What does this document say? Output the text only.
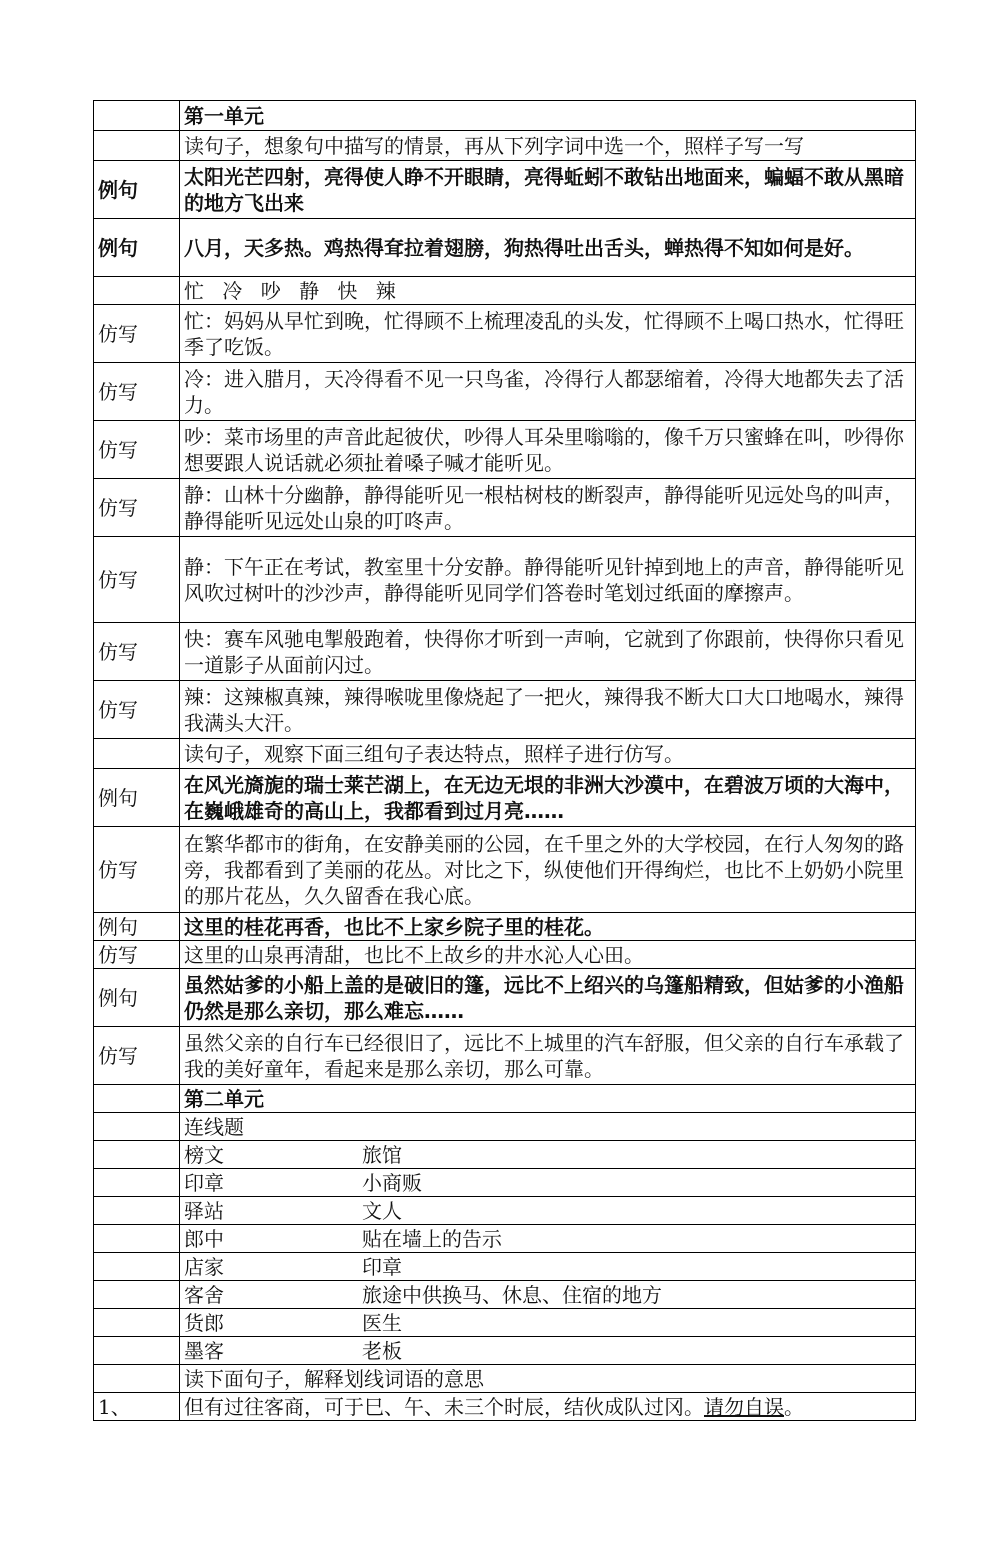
	第一单元
	读句子，想象句中描写的情景，再从下列字词中选一个，照样子写一写
例句	太阳光芒四射，亮得使人睁不开眼睛，亮得蚯蚓不敢钻出地面来，蝙蝠不敢从黑暗的地方飞出来
例句	八月，天多热。鸡热得耷拉着翅膀，狗热得吐出舌头，蝉热得不知如何是好。
	忙 冷 吵 静 快 辣
仿写	忙：妈妈从早忙到晚，忙得顾不上梳理凌乱的头发，忙得顾不上喝口热水，忙得旺季了吃饭。
仿写	冷：进入腊月，天冷得看不见一只鸟雀，冷得行人都瑟缩着，冷得大地都失去了活力。
仿写	吵：菜市场里的声音此起彼伏，吵得人耳朵里嗡嗡的，像千万只蜜蜂在叫，吵得你想要跟人说话就必须扯着嗓子喊才能听见。
仿写	静：山林十分幽静，静得能听见一根枯树枝的断裂声，静得能听见远处鸟的叫声，静得能听见远处山泉的叮咚声。
仿写	静：下午正在考试，教室里十分安静。静得能听见针掉到地上的声音，静得能听见风吹过树叶的沙沙声，静得能听见同学们答卷时笔划过纸面的摩擦声。
仿写	快：赛车风驰电掣般跑着，快得你才听到一声响，它就到了你跟前，快得你只看见一道影子从面前闪过。
仿写	辣：这辣椒真辣，辣得喉咙里像烧起了一把火，辣得我不断大口大口地喝水，辣得我满头大汗。
	读句子，观察下面三组句子表达特点，照样子进行仿写。
例句	在风光旖旎的瑞士莱芒湖上，在无边无垠的非洲大沙漠中，在碧波万顷的大海中，在巍峨雄奇的高山上，我都看到过月亮……
仿写	在繁华都市的街角，在安静美丽的公园，在千里之外的大学校园，在行人匆匆的路旁，我都看到了美丽的花丛。对比之下，纵使他们开得绚烂，也比不上奶奶小院里的那片花丛，久久留香在我心底。
例句	这里的桂花再香，也比不上家乡院子里的桂花。
仿写	这里的山泉再清甜，也比不上故乡的井水沁人心田。
例句	虽然姑爹的小船上盖的是破旧的篷，远比不上绍兴的乌篷船精致，但姑爹的小渔船仍然是那么亲切，那么难忘……
仿写	虽然父亲的自行车已经很旧了，远比不上城里的汽车舒服，但父亲的自行车承载了我的美好童年，看起来是那么亲切，那么可靠。
	第二单元
	连线题

	榜文 旅馆

	印章 小商贩

	驿站 文人

	郎中 贴在墙上的告示

	店家 印章

	客舍 旅途中供换马、休息、住宿的地方

	货郎 医生

	墨客 老板

	读下面句子，解释划线词语的意思
1、	但有过往客商，可于巳、午、未三个时辰，结伙成队过冈。请勿自误。
